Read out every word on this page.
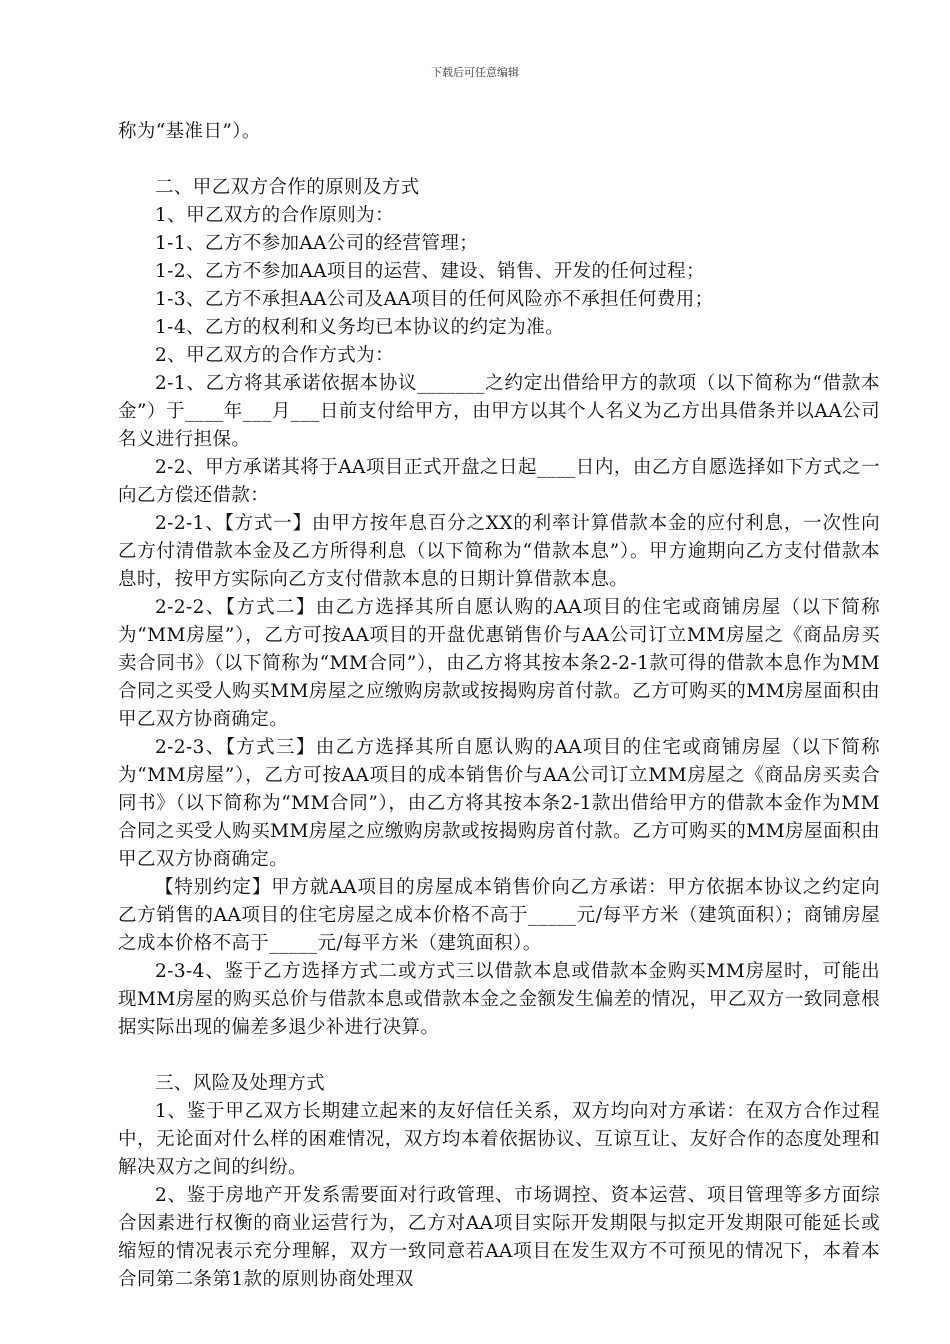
下载后可任意编辑

称为“基准日”）。

二、甲乙双方合作的原则及方式

1、甲乙双方的合作原则为：

1-1、乙方不参加AA公司的经营管理；

1-2、乙方不参加AA项目的运营、建设、销售、开发的任何过程；

1-3、乙方不承担AA公司及AA项目的任何风险亦不承担任何费用；

1-4、乙方的权利和义务均已本协议的约定为准。

2、甲乙双方的合作方式为：

2-1、乙方将其承诺依据本协议_______之约定出借给甲方的款项（以下简称为“借款本金”）于____年___月___日前支付给甲方，由甲方以其个人名义为乙方出具借条并以AA公司名义进行担保。

2-2、甲方承诺其将于AA项目正式开盘之日起____日内，由乙方自愿选择如下方式之一向乙方偿还借款：

2-2-1、【方式一】由甲方按年息百分之XX的利率计算借款本金的应付利息，一次性向乙方付清借款本金及乙方所得利息（以下简称为“借款本息”）。甲方逾期向乙方支付借款本息时，按甲方实际向乙方支付借款本息的日期计算借款本息。

2-2-2、【方式二】由乙方选择其所自愿认购的AA项目的住宅或商铺房屋（以下简称为“MM房屋”），乙方可按AA项目的开盘优惠销售价与AA公司订立MM房屋之《商品房买卖合同书》（以下简称为“MM合同”），由乙方将其按本条2-2-1款可得的借款本息作为MM合同之买受人购买MM房屋之应缴购房款或按揭购房首付款。乙方可购买的MM房屋面积由甲乙双方协商确定。

2-2-3、【方式三】由乙方选择其所自愿认购的AA项目的住宅或商铺房屋（以下简称为“MM房屋”），乙方可按AA项目的成本销售价与AA公司订立MM房屋之《商品房买卖合同书》（以下简称为“MM合同”），由乙方将其按本条2-1款出借给甲方的借款本金作为MM合同之买受人购买MM房屋之应缴购房款或按揭购房首付款。乙方可购买的MM房屋面积由甲乙双方协商确定。

【特别约定】甲方就AA项目的房屋成本销售价向乙方承诺：甲方依据本协议之约定向乙方销售的AA项目的住宅房屋之成本价格不高于_____元/每平方米（建筑面积）；商铺房屋之成本价格不高于_____元/每平方米（建筑面积）。

2-3-4、鉴于乙方选择方式二或方式三以借款本息或借款本金购买MM房屋时，可能出现MM房屋的购买总价与借款本息或借款本金之金额发生偏差的情况，甲乙双方一致同意根据实际出现的偏差多退少补进行决算。

三、风险及处理方式

1、鉴于甲乙双方长期建立起来的友好信任关系，双方均向对方承诺：在双方合作过程中，无论面对什么样的困难情况，双方均本着依据协议、互谅互让、友好合作的态度处理和解决双方之间的纠纷。

2、鉴于房地产开发系需要面对行政管理、市场调控、资本运营、项目管理等多方面综合因素进行权衡的商业运营行为，乙方对AA项目实际开发期限与拟定开发期限可能延长或缩短的情况表示充分理解，双方一致同意若AA项目在发生双方不可预见的情况下，本着本合同第二条第1款的原则协商处理双
